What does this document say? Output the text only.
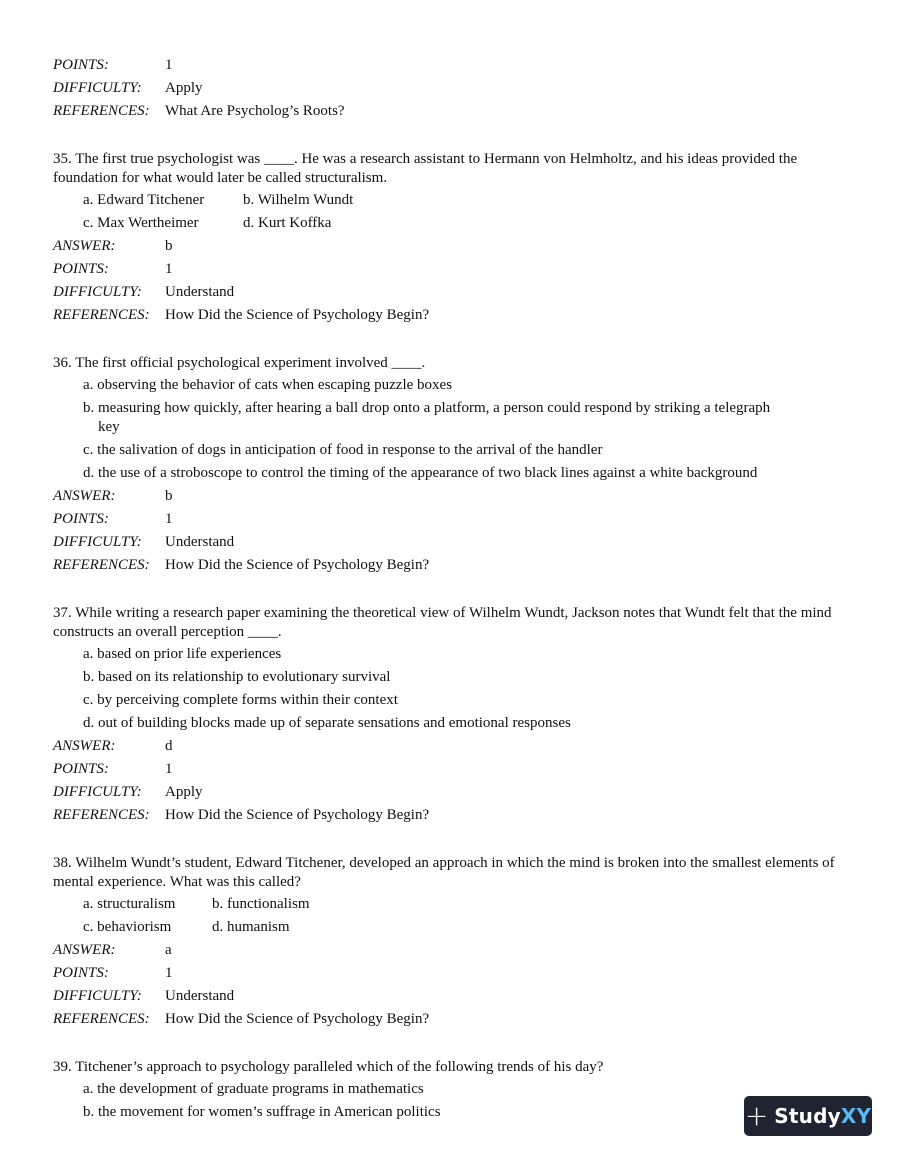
POINTS:	1
DIFFICULTY:	Apply
REFERENCES:	What Are Psycholog’s Roots?
35. The first true psychologist was ____. He was a research assistant to Hermann von Helmholtz, and his ideas provided the foundation for what would later be called structuralism.
a. Edward Titchener	b. Wilhelm Wundt
c. Max Wertheimer	d. Kurt Koffka
ANSWER:	b
POINTS:	1
DIFFICULTY:	Understand
REFERENCES:	How Did the Science of Psychology Begin?
36. The first official psychological experiment involved ____.
a. observing the behavior of cats when escaping puzzle boxes
b. measuring how quickly, after hearing a ball drop onto a platform, a person could respond by striking a telegraph key
c. the salivation of dogs in anticipation of food in response to the arrival of the handler
d. the use of a stroboscope to control the timing of the appearance of two black lines against a white background
ANSWER:	b
POINTS:	1
DIFFICULTY:	Understand
REFERENCES:	How Did the Science of Psychology Begin?
37. While writing a research paper examining the theoretical view of Wilhelm Wundt, Jackson notes that Wundt felt that the mind constructs an overall perception ____.
a. based on prior life experiences
b. based on its relationship to evolutionary survival
c. by perceiving complete forms within their context
d. out of building blocks made up of separate sensations and emotional responses
ANSWER:	d
POINTS:	1
DIFFICULTY:	Apply
REFERENCES:	How Did the Science of Psychology Begin?
38. Wilhelm Wundt’s student, Edward Titchener, developed an approach in which the mind is broken into the smallest elements of mental experience. What was this called?
a. structuralism	b. functionalism
c. behaviorism	d. humanism
ANSWER:	a
POINTS:	1
DIFFICULTY:	Understand
REFERENCES:	How Did the Science of Psychology Begin?
39. Titchener’s approach to psychology paralleled which of the following trends of his day?
a. the development of graduate programs in mathematics
b. the movement for women’s suffrage in American politics	+ StudyXY
